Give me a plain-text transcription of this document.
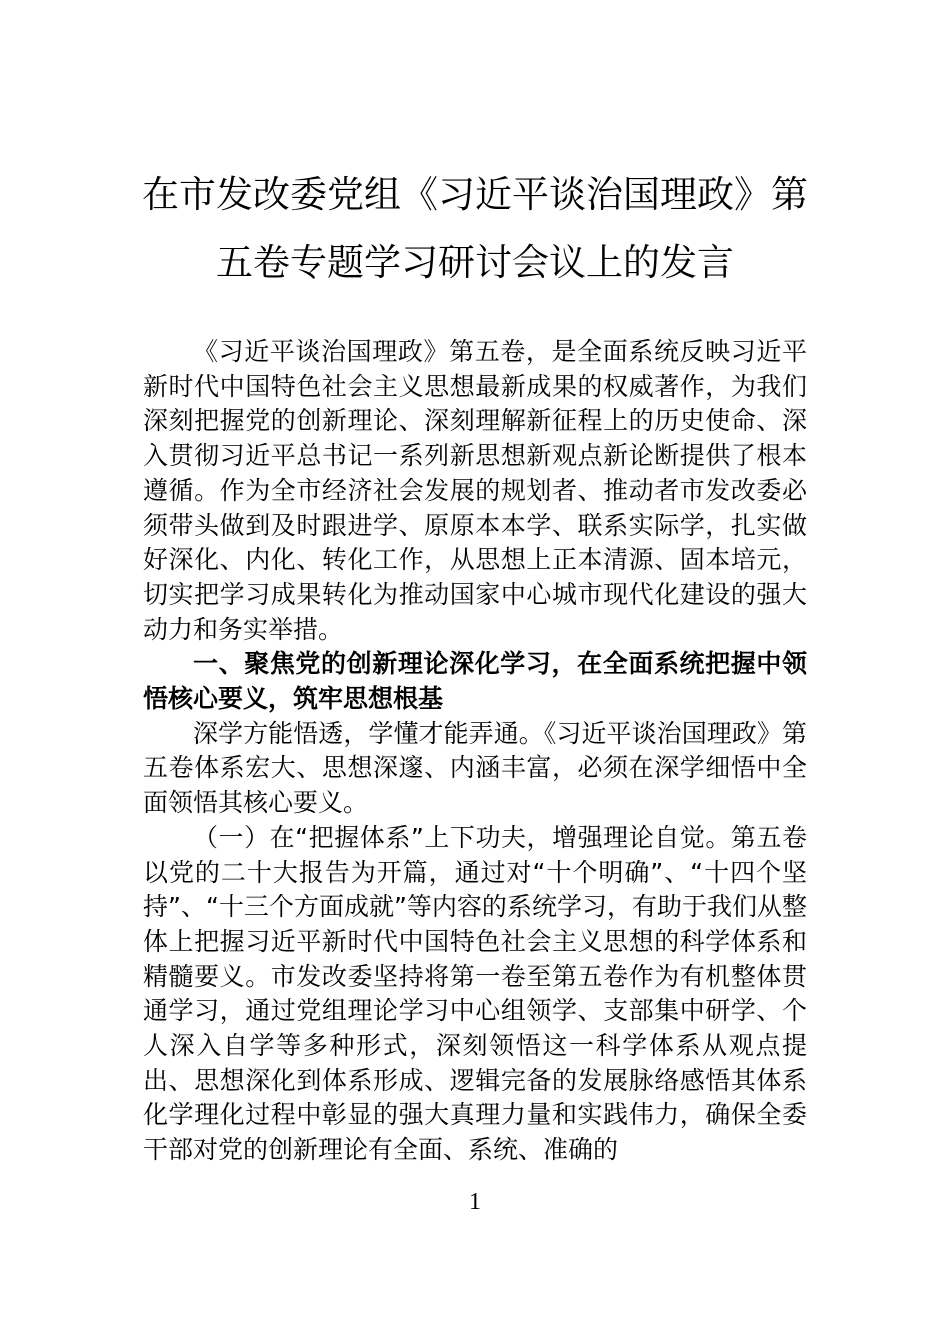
在市发改委党组《习近平谈治国理政》第
五卷专题学习研讨会议上的发言

《习近平谈治国理政》第五卷，是全面系统反映习近平新时代中国特色社会主义思想最新成果的权威著作，为我们深刻把握党的创新理论、深刻理解新征程上的历史使命、深入贯彻习近平总书记一系列新思想新观点新论断提供了根本遵循。作为全市经济社会发展的规划者、推动者市发改委必须带头做到及时跟进学、原原本本学、联系实际学，扎实做好深化、内化、转化工作，从思想上正本清源、固本培元，切实把学习成果转化为推动国家中心城市现代化建设的强大动力和务实举措。

一、聚焦党的创新理论深化学习，在全面系统把握中领悟核心要义，筑牢思想根基

深学方能悟透，学懂才能弄通。《习近平谈治国理政》第五卷体系宏大、思想深邃、内涵丰富，必须在深学细悟中全面领悟其核心要义。

（一）在“把握体系”上下功夫，增强理论自觉。第五卷以党的二十大报告为开篇，通过对“十个明确”、“十四个坚持”、“十三个方面成就”等内容的系统学习，有助于我们从整体上把握习近平新时代中国特色社会主义思想的科学体系和精髓要义。市发改委坚持将第一卷至第五卷作为有机整体贯通学习，通过党组理论学习中心组领学、支部集中研学、个人深入自学等多种形式，深刻领悟这一科学体系从观点提出、思想深化到体系形成、逻辑完备的发展脉络感悟其体系化学理化过程中彰显的强大真理力量和实践伟力，确保全委干部对党的创新理论有全面、系统、准确的

1
